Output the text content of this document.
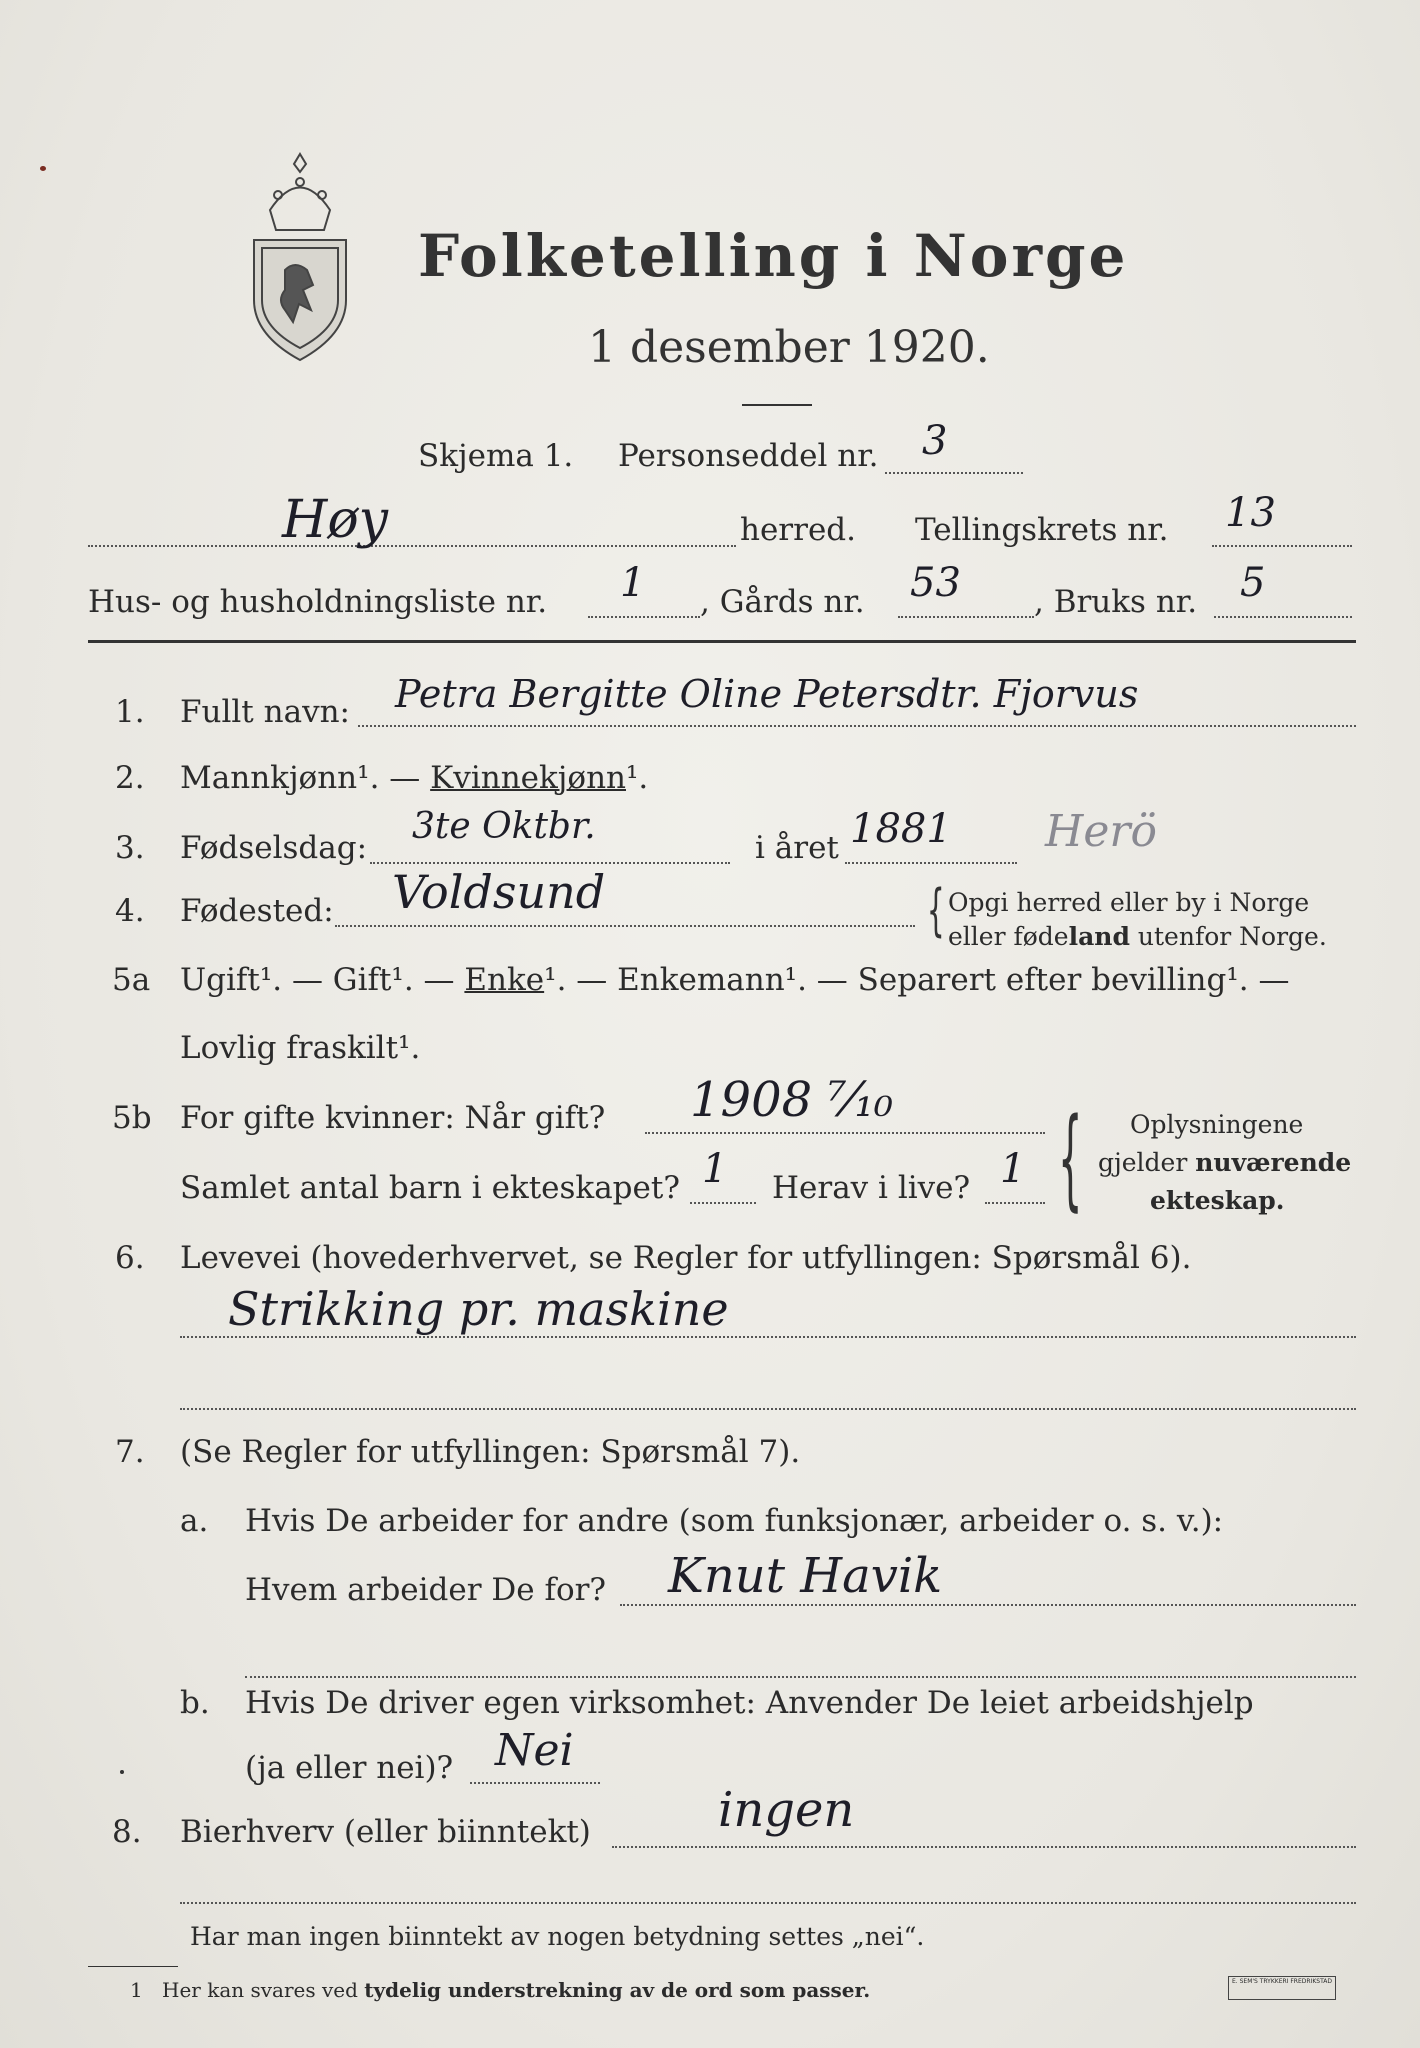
Folketelling i Norge
1 desember 1920.
Skjema 1. Personseddel nr. 3
Høy	herred. Tellingskrets nr. 13
Hus- og husholdningsliste nr. 1 , Gårds nr. 53 , Bruks nr. 5
1. Fullt navn: Petra Bergitte Oline Petersdtr. Fjorvus
2. Mannkjønn¹. — Kvinnekjønn¹.
3. Fødselsdag:
3te Oktbr.
i året 1881 Herö
4. Fødested: Voldsund	{ Opgi herred eller by i Norge
eller fødeland utenfor Norge.
5a Ugift¹. — Gift¹. — Enke¹. — Enkemann¹. — Separert efter bevilling¹. —
Lovlig fraskilt¹.
5b For gifte kvinner: Når gift? 1908 ⁷⁄₁₀
Samlet antal barn i ekteskapet? 1 Herav i live? 1 { Oplysningene
gjelder nuværende
ekteskap.
6. Levevei (hovederhvervet, se Regler for utfyllingen: Spørsmål 6).
Strikking pr. maskine
7. (Se Regler for utfyllingen: Spørsmål 7).
a. Hvis De arbeider for andre (som funksjonær, arbeider o. s. v.):
Hvem arbeider De for? Knut Havik
b. Hvis De driver egen virksomhet: Anvender De leiet arbeidshjelp
(ja eller nei)? Nei
8. Bierhverv (eller biinntekt)	ingen
Har man ingen biinntekt av nogen betydning settes „nei“.
1 Her kan svares ved tydelig understrekning av de ord som passer.	E. SEM'S TRYKKERI FREDRIKSTAD
